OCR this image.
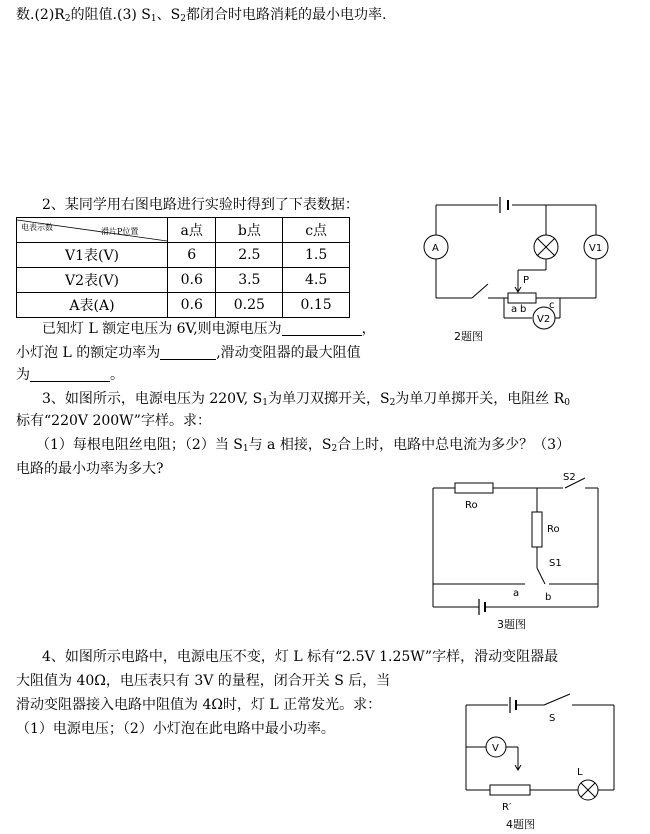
数$.(2)R_2$的阻值.(3) $S_1$、$S_2$都闭合时电路消耗的最小电功率.
2、某同学用右图电路进行实验时得到了下表数据：
电表示数 滑片P位置	a点	b点	c点
V1表(V)	6	2.5	1.5
V2表(V)	0.6	3.5	4.5
A表(A)	0.6	0.25	0.15
已知灯 L 额定电压为 6V,则电源电压为	，
小灯泡 L 的额定功率为	,滑动变阻器的最大阻值
为	。
A	V1
V2
P
a b c
2题图
3、如图所示，电源电压为 220V, $S_1$为单刀双掷开关，$S_2$为单刀单掷开关，电阻丝 $R_0$
标有“220V 200W”字样。求：
（1）每根电阻丝电阻；（2）当 $S_1$与 a 相接，$S_2$合上时，电路中总电流为多少？（3）
电路的最小功率为多大?
Ro
Ro
S1
S2
a	b
3题图
4、如图所示电路中，电源电压不变，灯 L 标有“2.5V 1.25W”字样，滑动变阻器最
大阻值为 40Ω，电压表只有 3V 的量程，闭合开关 S 后，当
滑动变阻器接入电路中阻值为 4Ω时，灯 L 正常发光。求：
（1）电源电压；（2）小灯泡在此电路中最小功率。
S
V
L
R′
4题图
